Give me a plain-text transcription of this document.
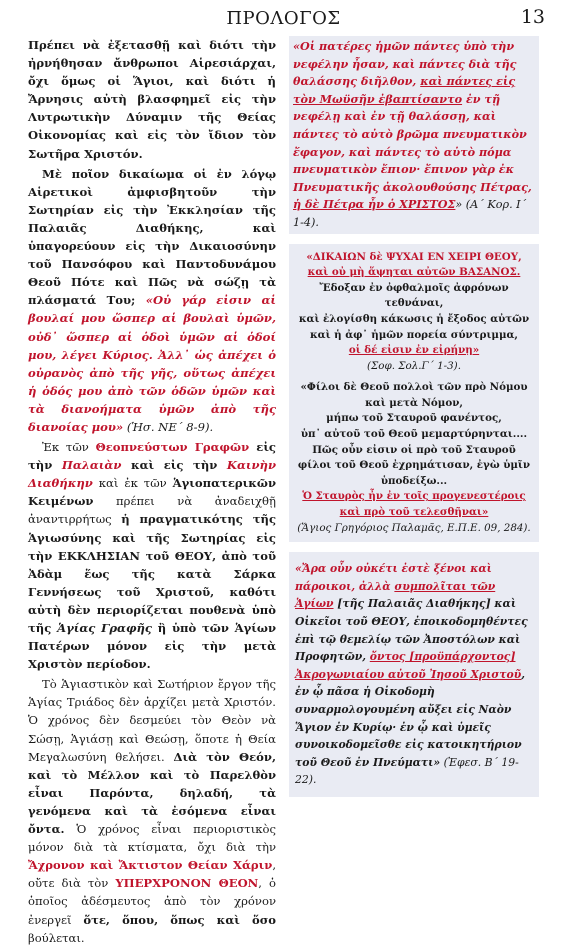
ΠΡΟΛΟΓΟΣ	13

Πρέπει νὰ ἐξετασθῇ καὶ διότι τὴν ἠρνήθησαν ἄνθρωποι Αἱρεσιάρχαι, ὄχι ὅμως οἱ Ἅγιοι, καὶ διότι ἡ Ἄρνησις αὐτὴ βλασφημεῖ εἰς τὴν Λυτρωτικὴν Δύναμιν τῆς Θείας Οἰκονομίας καὶ εἰς τὸν ἴδιον τὸν Σωτῆρα Χριστόν.

Μὲ ποῖον δικαίωμα οἱ ἐν λόγῳ Αἱρετικοὶ ἀμφισβητοῦν τὴν Σωτηρίαν εἰς τὴν Ἐκκλησίαν τῆς Παλαιᾶς Διαθήκης, καὶ ὑπαγορεύουν εἰς τὴν Δικαιοσύνην τοῦ Πανσόφου καὶ Παντοδυνάμου Θεοῦ Πότε καὶ Πῶς νὰ σώζῃ τὰ πλάσματά Του; «Οὐ γάρ εἰσιν αἱ βουλαί μου ὥσπερ αἱ βουλαὶ ὑμῶν, οὐδ᾽ ὥσπερ αἱ ὁδοὶ ὑμῶν αἱ ὁδοί μου, λέγει Κύριος. Ἀλλ᾽ ὡς ἀπέχει ὁ οὐρανὸς ἀπὸ τῆς γῆς, οὕτως ἀπέχει ἡ ὁδός μου ἀπὸ τῶν ὁδῶν ὑμῶν καὶ τὰ διανοήματα ὑμῶν ἀπὸ τῆς διανοίας μου» (Ἡσ. ΝΕ´ 8-9).

Ἐκ τῶν Θεοπνεύστων Γραφῶν εἰς τὴν Παλαιὰν καὶ εἰς τὴν Καινὴν Διαθήκην καὶ ἐκ τῶν Ἁγιοπατερικῶν Κειμένων πρέπει νὰ ἀναδειχθῇ ἀναντιρρήτως ἡ πραγματικότης τῆς Ἁγιωσύνης καὶ τῆς Σωτηρίας εἰς τὴν ΕΚΚΛΗΣΙΑΝ τοῦ ΘΕΟΥ, ἀπὸ τοῦ Ἀδὰμ ἕως τῆς κατὰ Σάρκα Γεννήσεως τοῦ Χριστοῦ, καθότι αὐτὴ δὲν περιορίζεται πουθενὰ ὑπὸ τῆς Ἁγίας Γραφῆς ἢ ὑπὸ τῶν Ἁγίων Πατέρων μόνον εἰς τὴν μετὰ Χριστὸν περίοδον.

Τὸ Ἁγιαστικὸν καὶ Σωτήριον ἔργον τῆς Ἁγίας Τριάδος δὲν ἀρχίζει μετὰ Χριστόν. Ὁ χρόνος δὲν δεσμεύει τὸν Θεὸν νὰ Σώσῃ, Ἁγιάσῃ καὶ Θεώσῃ, ὅποτε ἡ Θεία Μεγαλωσύνη θελήσει. Διὰ τὸν Θεόν, καὶ τὸ Μέλλον καὶ τὸ Παρελθὸν εἶναι Παρόντα, δηλαδή, τὰ γενόμενα καὶ τὰ ἐσόμενα εἶναι ὄντα. Ὁ χρόνος εἶναι περιοριστικὸς μόνον διὰ τὰ κτίσματα, ὄχι διὰ τὴν Ἄχρονον καὶ Ἄκτιστον Θείαν Χάριν, οὔτε διὰ τὸν ΥΠΕΡΧΡΟΝΟΝ ΘΕΟΝ, ὁ ὁποῖος ἀδέσμευτος ἀπὸ τὸν χρόνον ἐνεργεῖ ὅτε, ὅπου, ὅπως καὶ ὅσο βούλεται.

«Οἱ πατέρες ἡμῶν πάντες ὑπὸ τὴν νεφέλην ἦσαν, καὶ πάντες διὰ τῆς θαλάσσης διῆλθον, καὶ πάντες εἰς τὸν Μωϋσῆν ἐβαπτίσαντο ἐν τῇ νεφέλῃ καὶ ἐν τῇ θαλάσσῃ, καὶ πάντες τὸ αὐτὸ βρῶμα πνευματικὸν ἔφαγον, καὶ πάντες τὸ αὐτὸ πόμα πνευματικὸν ἔπιον· ἔπινον γὰρ ἐκ Πνευματικῆς ἀκολουθούσης Πέτρας, ἡ δὲ Πέτρα ἦν ὁ ΧΡΙΣΤΟΣ» (Α´ Κορ. Ι´ 1-4).
«ΔΙΚΑΙΩΝ δὲ ΨΥΧΑΙ ΕΝ ΧΕΙΡΙ ΘΕΟΥ,
καὶ οὐ μὴ ἅψηται αὐτῶν ΒΑΣΑΝΟΣ.
Ἔδοξαν ἐν ὀφθαλμοῖς ἀφρόνων τεθνάναι,
καὶ ἐλογίσθη κάκωσις ἡ ἔξοδος αὐτῶν
καὶ ἡ ἀφ᾽ ἡμῶν πορεία σύντριμμα,
οἱ δέ εἰσιν ἐν εἰρήνῃ»
(Σοφ. Σολ.Γ´ 1-3).
«Φίλοι δὲ Θεοῦ πολλοὶ τῶν πρὸ Νόμου
καὶ μετὰ Νόμον,
μήπω τοῦ Σταυροῦ φανέντος,
ὑπ᾽ αὐτοῦ τοῦ Θεοῦ μεμαρτύρηνται....
Πῶς οὖν εἰσιν οἱ πρὸ τοῦ Σταυροῦ
φίλοι τοῦ Θεοῦ ἐχρημάτισαν, ἐγὼ ὑμῖν ὑποδείξω...
Ὁ Σταυρὸς ἦν ἐν τοῖς προγενεστέροις
καὶ πρὸ τοῦ τελεσθῆναι»
(Ἅγιος Γρηγόριος Παλαμᾶς, Ε.Π.Ε. 09, 284).
«Ἄρα οὖν οὐκέτι ἐστὲ ξένοι καὶ πάροικοι, ἀλλὰ συμπολῖται τῶν Ἁγίων [τῆς Παλαιᾶς Διαθήκης] καὶ Οἰκεῖοι τοῦ ΘΕΟΥ, ἐποικοδομηθέντες ἐπὶ τῷ θεμελίῳ τῶν Ἀποστόλων καὶ Προφητῶν, ὄντος [προϋπάρχοντος] Ἀκρογωνιαίου αὐτοῦ Ἰησοῦ Χριστοῦ, ἐν ᾧ πᾶσα ἡ Οἰκοδομὴ συναρμολογουμένη αὔξει εἰς Ναὸν Ἅγιον ἐν Κυρίῳ· ἐν ᾧ καὶ ὑμεῖς συνοικοδομεῖσθε εἰς κατοικητήριον τοῦ Θεοῦ ἐν Πνεύματι» (Ἐφεσ. Β´ 19-22).
